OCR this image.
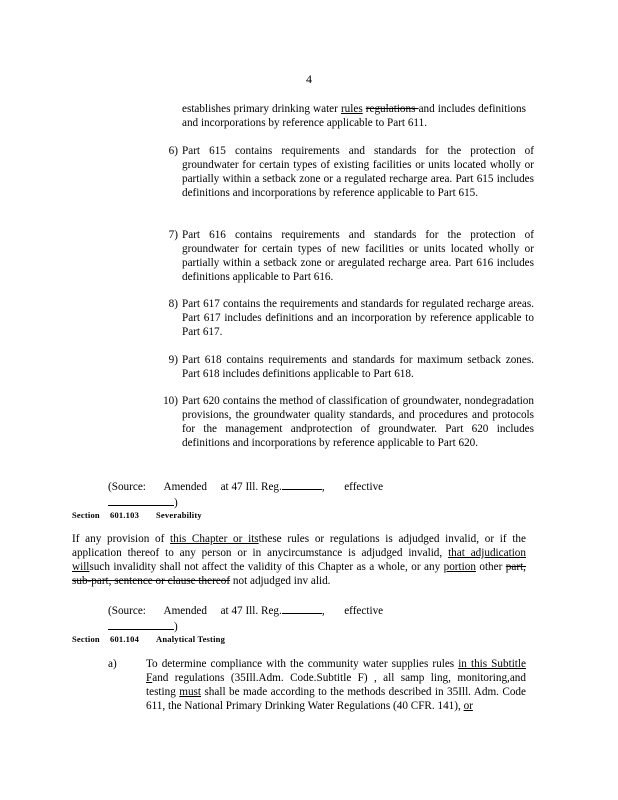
4

establishes primary drinking water rules regulations and includes definitions and incorporations by reference applicable to Part 611.

6) Part 615 contains requirements and standards for the protection of groundwater for certain types of existing facilities or units located wholly or partially within a setback zone or a regulated recharge area. Part 615 includes definitions and incorporations by reference applicable to Part 615.
7) Part 616 contains requirements and standards for the protection of groundwater for certain types of new facilities or units located wholly or partially within a setback zone or aregulated recharge area. Part 616 includes definitions applicable to Part 616.
8) Part 617 contains the requirements and standards for regulated recharge areas. Part 617 includes definitions and an incorporation by reference applicable to Part 617.
9) Part 618 contains requirements and standards for maximum setback zones. Part 618 includes definitions applicable to Part 618.
10) Part 620 contains the method of classification of groundwater, nondegradation provisions, the groundwater quality standards, and procedures and protocols for the management andprotection of groundwater. Part 620 includes definitions and incorporations by reference applicable to Part 620.
(Source: Amended at 47 Ill. Reg.	, effective  )
Section 601.103 Severability

If any provision of this Chapter or itsthese rules or regulations is adjudged invalid, or if the application thereof to any person or in anycircumstance is adjudged invalid, that adjudication willsuch invalidity shall not affect the validity of this Chapter as a whole, or any portion other part, sub-part, sentence or clause thereof not adjudged inv alid.

(Source: Amended at 47 Ill. Reg.	, effective  )
Section 601.104 Analytical Testing
a)	To determine compliance with the community water supplies rules in this Subtitle Fand regulations (35Ill.Adm. Code.Subtitle F) , all samp ling, monitoring,and testing must shall be made according to the methods described in 35Ill. Adm. Code 611, the National Primary Drinking Water Regulations (40 CFR. 141), or
